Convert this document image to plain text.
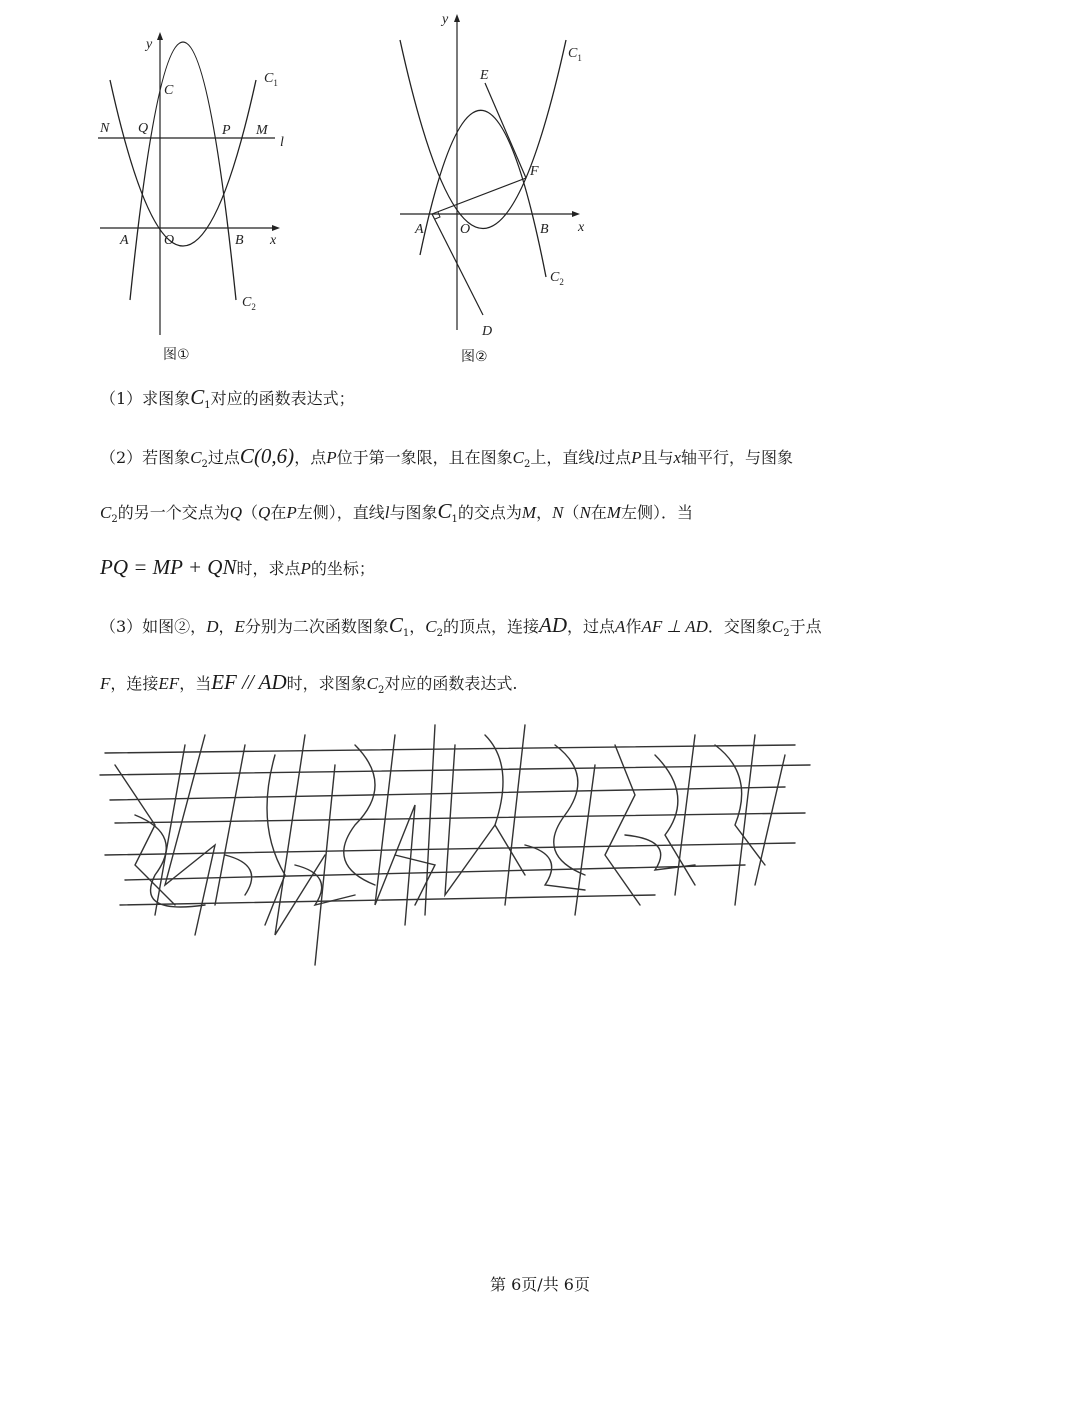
y
x
$C_1$
$C_2$
C
N Q	P M
l
A	O	B
图①
y
x
$C_1$
$C_2$
E
F
A	O	B
D
图②
（1）求图象$C_1$对应的函数表达式；
（2）若图象$C_2$过点C(0,6)，点P位于第一象限，且在图象$C_2$上，直线l过点P且与x轴平行，与图象
$C_2$的另一个交点为Q（Q在P左侧），直线l与图象$C_1$的交点为M，N（N在M左侧）．当
PQ = MP + QN时，求点P的坐标；
（3）如图②，D，E分别为二次函数图象$C_1$，$C_2$的顶点，连接AD，过点A作AF ⊥ AD．交图象$C_2$于点
F，连接EF，当EF // AD时，求图象$C_2$对应的函数表达式.
第 6页/共 6页
